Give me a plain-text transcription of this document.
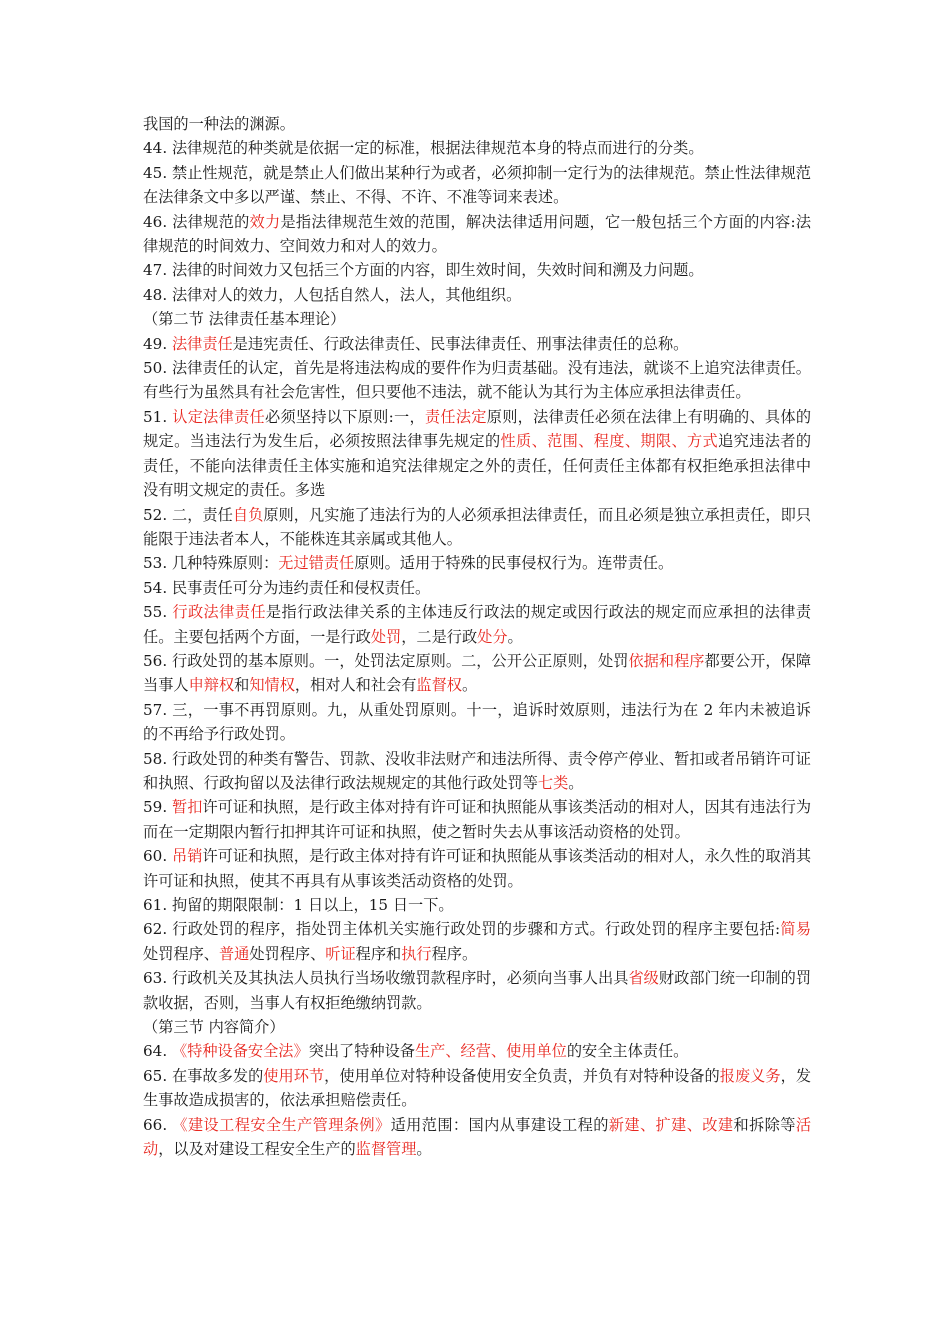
我国的一种法的渊源。

44. 法律规范的种类就是依据一定的标准，根据法律规范本身的特点而进行的分类。

45. 禁止性规范，就是禁止人们做出某种行为或者，必须抑制一定行为的法律规范。禁止性法律规范在法律条文中多以严谨、禁止、不得、不许、不准等词来表述。

46. 法律规范的效力是指法律规范生效的范围，解决法律适用问题，它一般包括三个方面的内容:法律规范的时间效力、空间效力和对人的效力。

47. 法律的时间效力又包括三个方面的内容，即生效时间，失效时间和溯及力问题。

48. 法律对人的效力，人包括自然人，法人，其他组织。

（第二节 法律责任基本理论）

49. 法律责任是违宪责任、行政法律责任、民事法律责任、刑事法律责任的总称。

50. 法律责任的认定，首先是将违法构成的要件作为归责基础。没有违法，就谈不上追究法律责任。有些行为虽然具有社会危害性，但只要他不违法，就不能认为其行为主体应承担法律责任。

51. 认定法律责任必须坚持以下原则:一，责任法定原则，法律责任必须在法律上有明确的、具体的规定。当违法行为发生后，必须按照法律事先规定的性质、范围、程度、期限、方式追究违法者的责任，不能向法律责任主体实施和追究法律规定之外的责任，任何责任主体都有权拒绝承担法律中没有明文规定的责任。多选

52. 二，责任自负原则，凡实施了违法行为的人必须承担法律责任，而且必须是独立承担责任，即只能限于违法者本人，不能株连其亲属或其他人。

53. 几种特殊原则：无过错责任原则。适用于特殊的民事侵权行为。连带责任。

54. 民事责任可分为违约责任和侵权责任。

55. 行政法律责任是指行政法律关系的主体违反行政法的规定或因行政法的规定而应承担的法律责任。主要包括两个方面，一是行政处罚，二是行政处分。

56. 行政处罚的基本原则。一，处罚法定原则。二，公开公正原则，处罚依据和程序都要公开，保障当事人申辩权和知情权，相对人和社会有监督权。

57. 三，一事不再罚原则。九，从重处罚原则。十一，追诉时效原则，违法行为在 2 年内未被追诉的不再给予行政处罚。

58. 行政处罚的种类有警告、罚款、没收非法财产和违法所得、责令停产停业、暂扣或者吊销许可证和执照、行政拘留以及法律行政法规规定的其他行政处罚等七类。

59. 暂扣许可证和执照，是行政主体对持有许可证和执照能从事该类活动的相对人，因其有违法行为而在一定期限内暂行扣押其许可证和执照，使之暂时失去从事该活动资格的处罚。

60. 吊销许可证和执照，是行政主体对持有许可证和执照能从事该类活动的相对人，永久性的取消其许可证和执照，使其不再具有从事该类活动资格的处罚。

61. 拘留的期限限制：1 日以上，15 日一下。

62. 行政处罚的程序，指处罚主体机关实施行政处罚的步骤和方式。行政处罚的程序主要包括:简易处罚程序、普通处罚程序、听证程序和执行程序。

63. 行政机关及其执法人员执行当场收缴罚款程序时，必须向当事人出具省级财政部门统一印制的罚款收据，否则，当事人有权拒绝缴纳罚款。

（第三节 内容简介）

64. 《特种设备安全法》突出了特种设备生产、经营、使用单位的安全主体责任。

65. 在事故多发的使用环节，使用单位对特种设备使用安全负责，并负有对特种设备的报废义务，发生事故造成损害的，依法承担赔偿责任。

66. 《建设工程安全生产管理条例》适用范围：国内从事建设工程的新建、扩建、改建和拆除等活动，以及对建设工程安全生产的监督管理。
